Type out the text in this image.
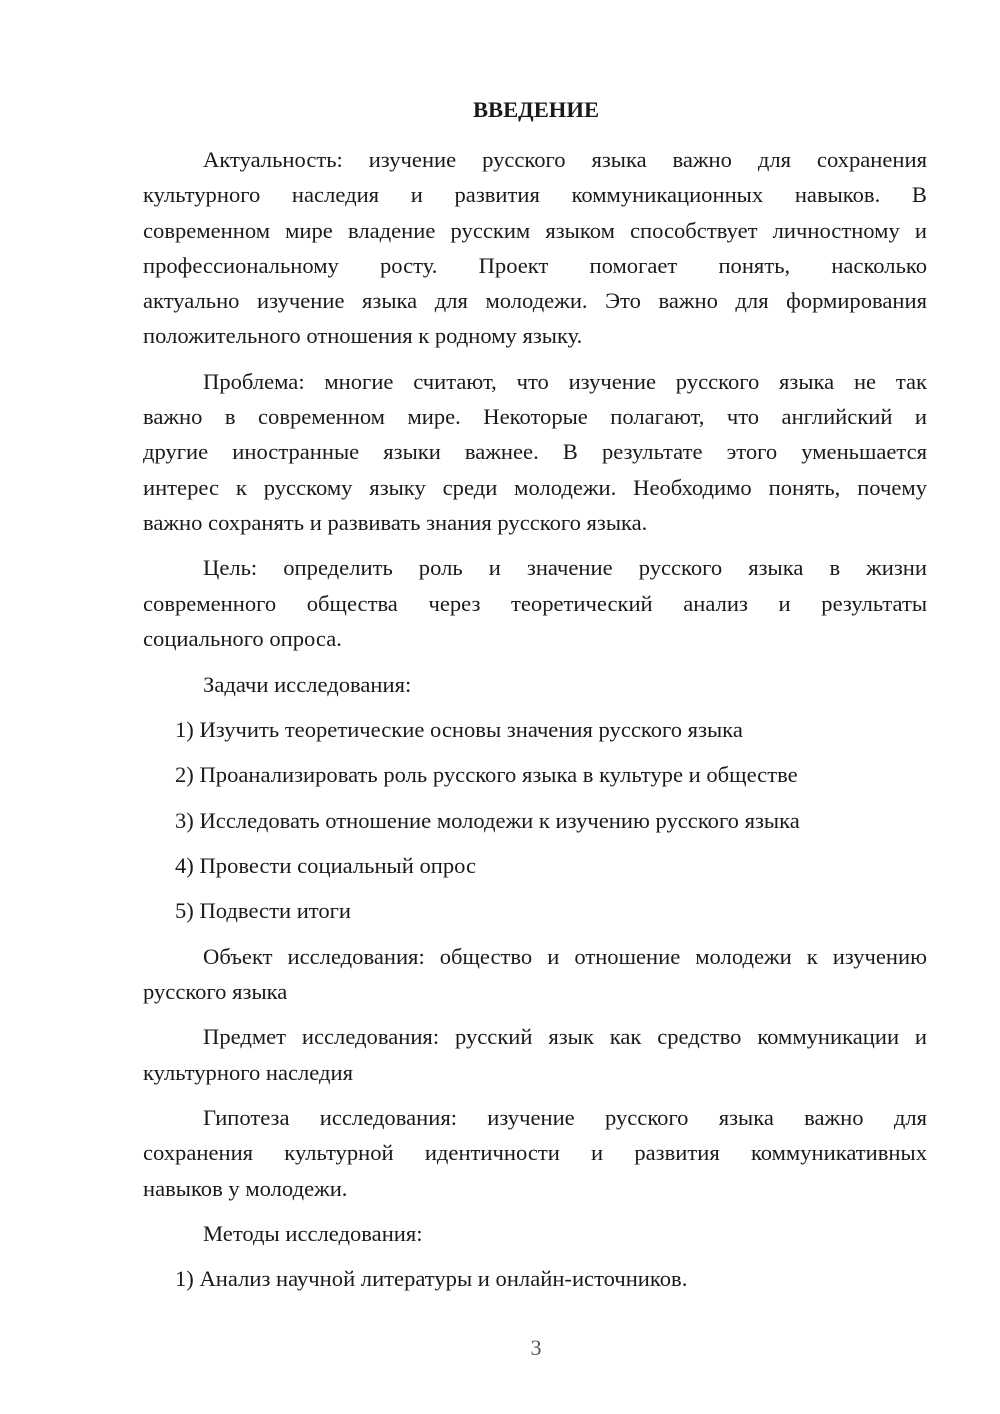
ВВЕДЕНИЕ
Актуальность: изучение русского языка важно для сохранения
культурного наследия и развития коммуникационных навыков. В
современном мире владение русским языком способствует личностному и
профессиональному росту. Проект помогает понять, насколько
актуально изучение языка для молодежи. Это важно для формирования
положительного отношения к родному языку.
Проблема: многие считают, что изучение русского языка не так
важно в современном мире. Некоторые полагают, что английский и
другие иностранные языки важнее. В результате этого уменьшается
интерес к русскому языку среди молодежи. Необходимо понять, почему
важно сохранять и развивать знания русского языка.
Цель: определить роль и значение русского языка в жизни
современного общества через теоретический анализ и результаты
социального опроса.
Задачи исследования:
1) Изучить теоретические основы значения русского языка
2) Проанализировать роль русского языка в культуре и обществе
3) Исследовать отношение молодежи к изучению русского языка
4) Провести социальный опрос
5) Подвести итоги
Объект исследования: общество и отношение молодежи к изучению
русского языка
Предмет исследования: русский язык как средство коммуникации и
культурного наследия
Гипотеза исследования: изучение русского языка важно для
сохранения культурной идентичности и развития коммуникативных
навыков у молодежи.
Методы исследования:
1) Анализ научной литературы и онлайн-источников.
3
